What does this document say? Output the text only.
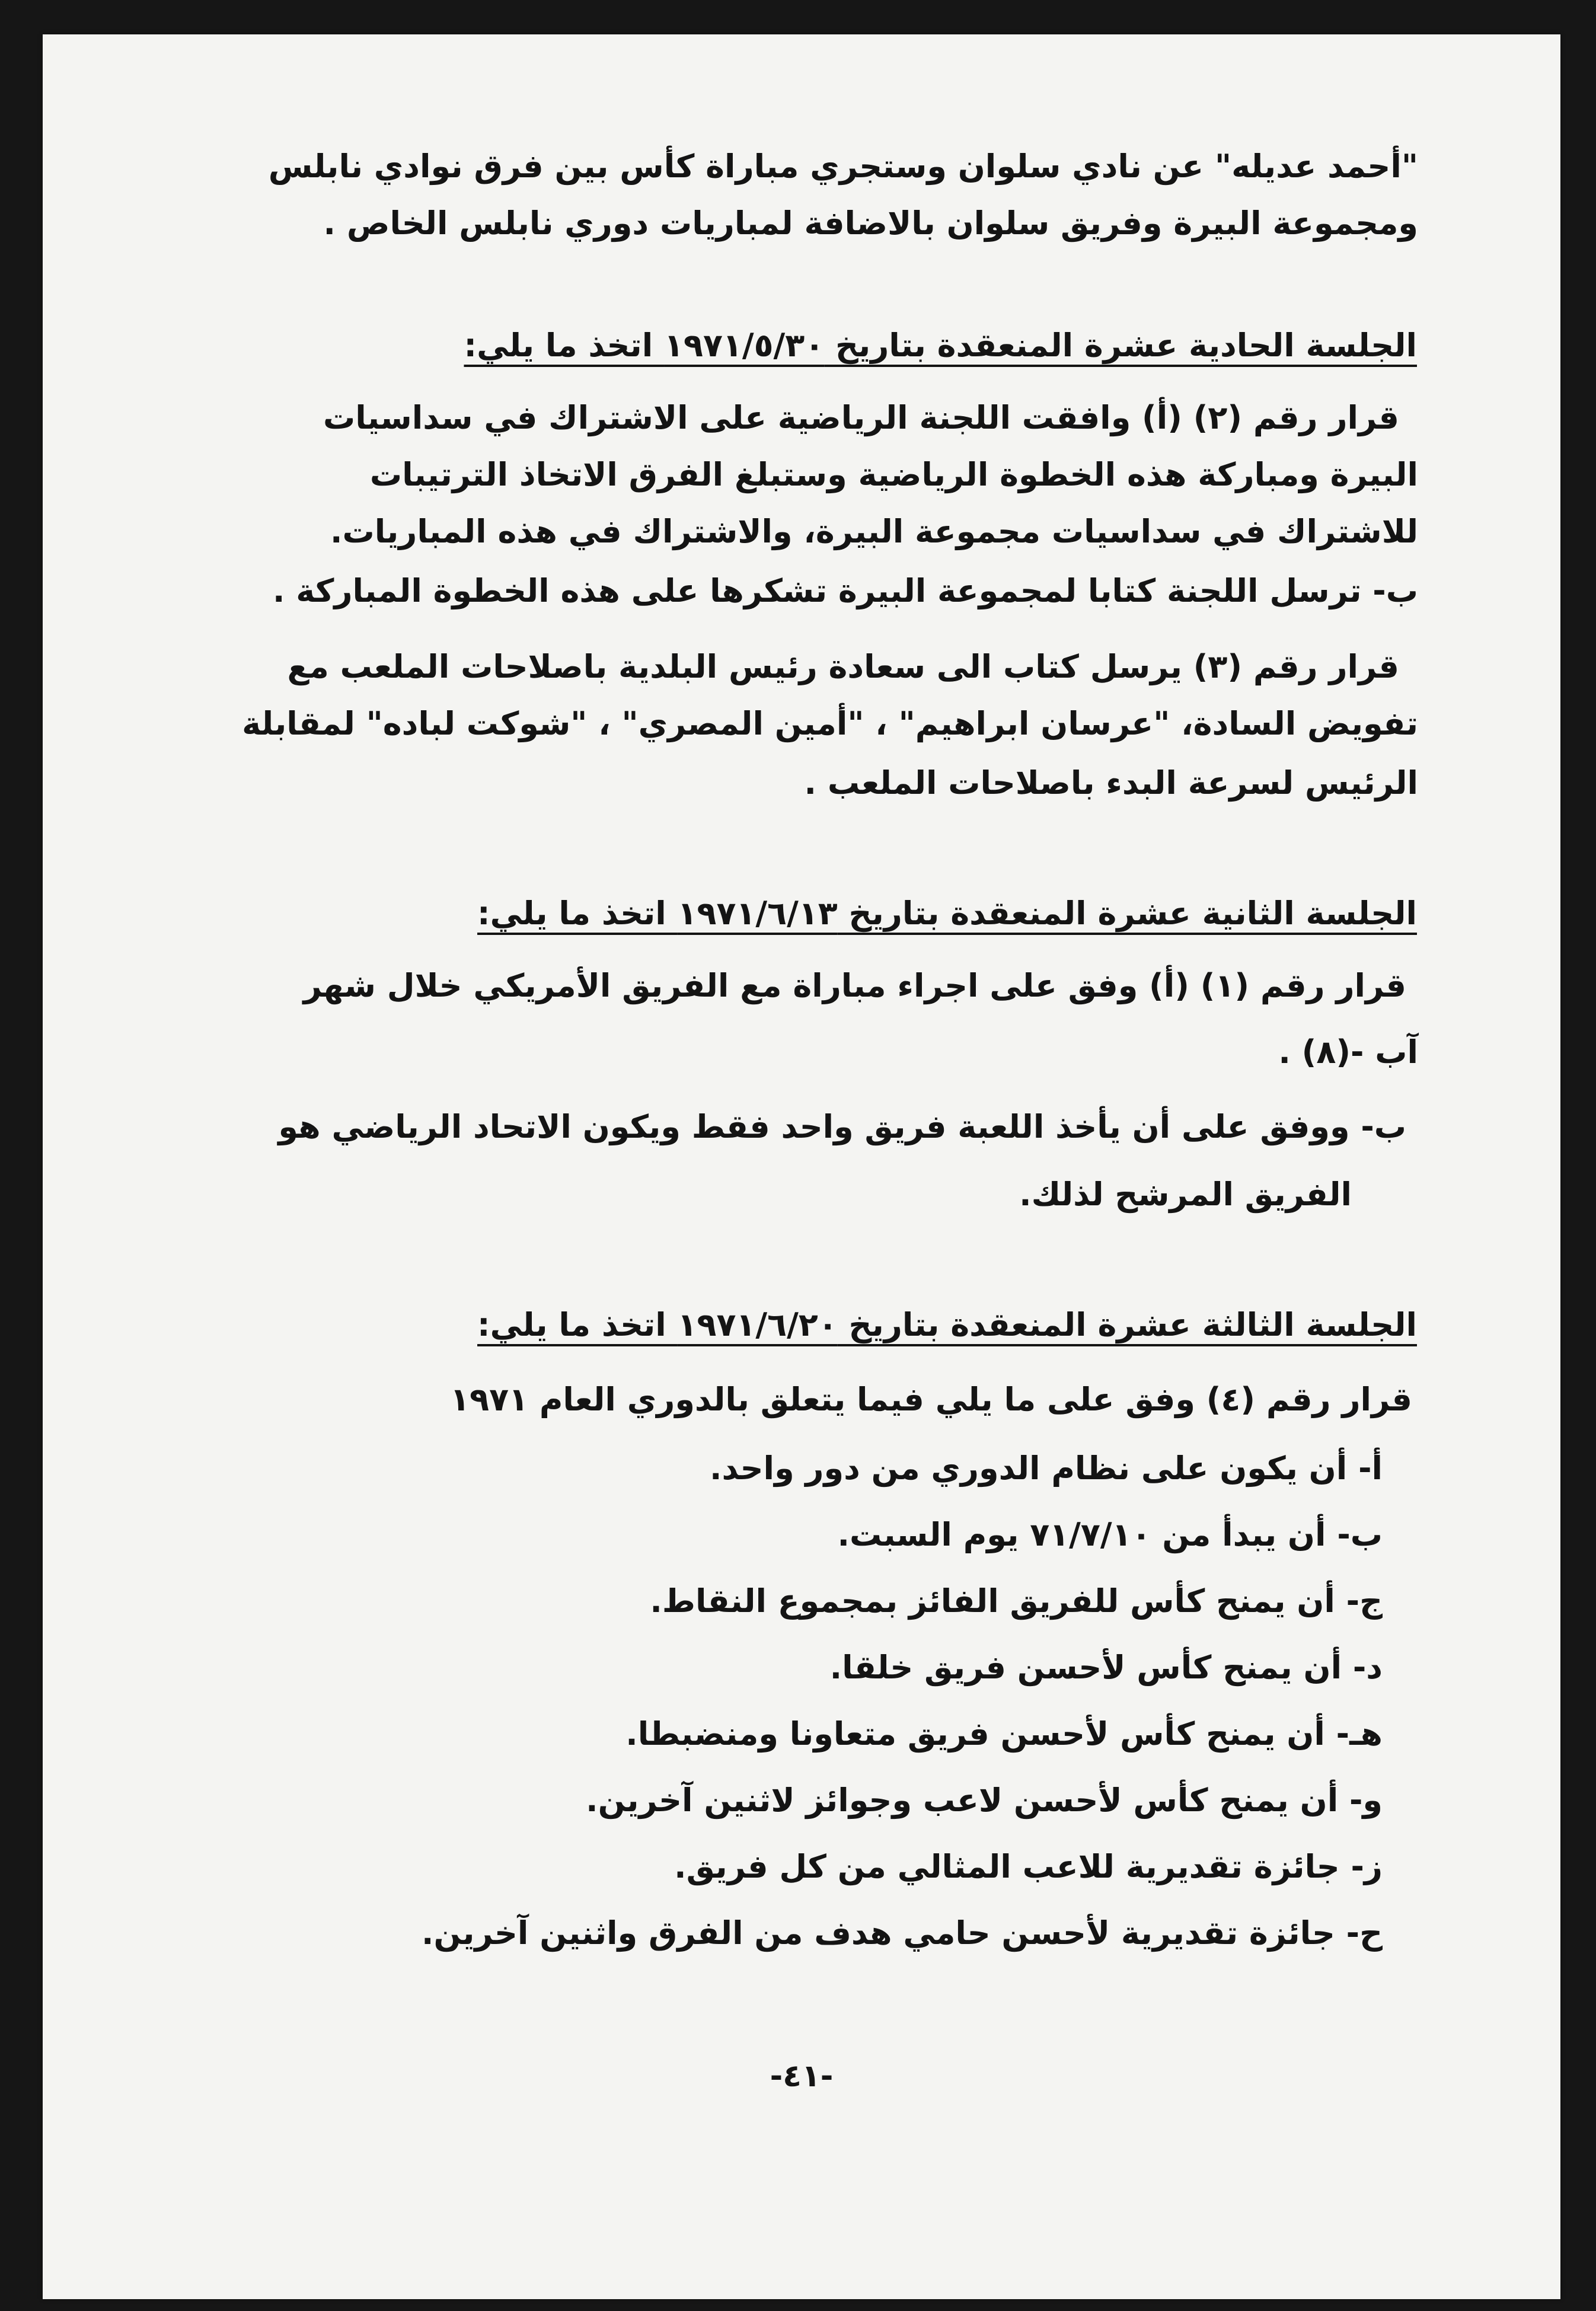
"أحمد عديله" عن نادي سلوان وستجري مباراة كأس بين فرق نوادي نابلس
ومجموعة البيرة وفريق سلوان بالاضافة لمباريات دوري نابلس الخاص .
الجلسة الحادية عشرة المنعقدة بتاريخ ١٩٧١/٥/٣٠ اتخذ ما يلي:
قرار رقم (٢) (أ) وافقت اللجنة الرياضية على الاشتراك في سداسيات
البيرة ومباركة هذه الخطوة الرياضية وستبلغ الفرق الاتخاذ الترتيبات
للاشتراك في سداسيات مجموعة البيرة، والاشتراك في هذه المباريات.
ب- ترسل اللجنة كتابا لمجموعة البيرة تشكرها على هذه الخطوة المباركة .
قرار رقم (٣) يرسل كتاب الى سعادة رئيس البلدية باصلاحات الملعب مع
تفويض السادة، "عرسان ابراهيم" ، "أمين المصري" ، "شوكت لباده" لمقابلة
الرئيس لسرعة البدء باصلاحات الملعب .
الجلسة الثانية عشرة المنعقدة بتاريخ ١٩٧١/٦/١٣ اتخذ ما يلي:
قرار رقم (١) (أ) وفق على اجراء مباراة مع الفريق الأمريكي خلال شهر
آب -(٨) .
ب- ووفق على أن يأخذ اللعبة فريق واحد فقط ويكون الاتحاد الرياضي هو
الفريق المرشح لذلك.
الجلسة الثالثة عشرة المنعقدة بتاريخ ١٩٧١/٦/٢٠ اتخذ ما يلي:
قرار رقم (٤) وفق على ما يلي فيما يتعلق بالدوري العام ١٩٧١
أ- أن يكون على نظام الدوري من دور واحد.
ب- أن يبدأ من ٧١/٧/١٠ يوم السبت.
ج- أن يمنح كأس للفريق الفائز بمجموع النقاط.
د- أن يمنح كأس لأحسن فريق خلقا.
هـ- أن يمنح كأس لأحسن فريق متعاونا ومنضبطا.
و- أن يمنح كأس لأحسن لاعب وجوائز لاثنين آخرين.
ز- جائزة تقديرية للاعب المثالي من كل فريق.
ح- جائزة تقديرية لأحسن حامي هدف من الفرق واثنين آخرين.
-٤١-
